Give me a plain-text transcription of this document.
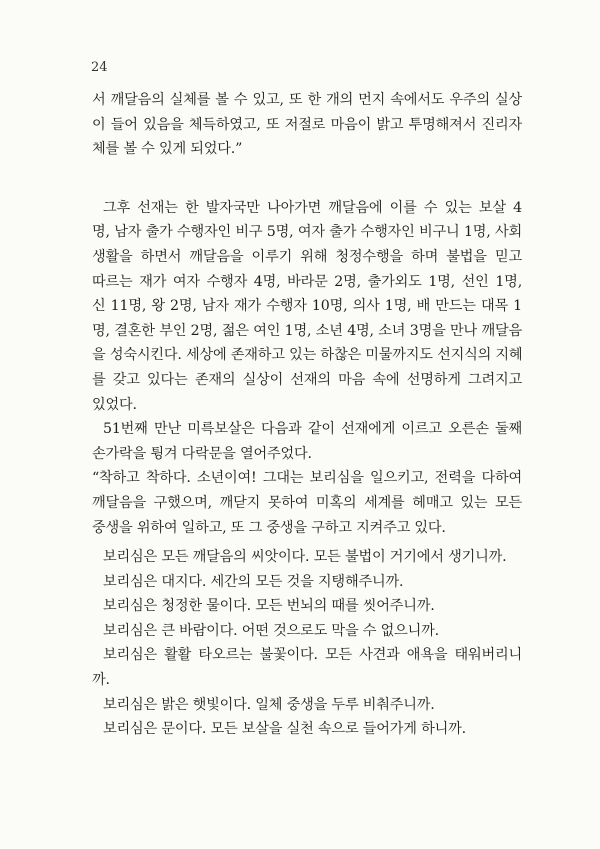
24
서 깨달음의 실체를 볼 수 있고, 또 한 개의 먼지 속에서도 우주의 실상
이 들어 있음을 체득하였고, 또 저절로 마음이 밝고 투명해져서 진리자
체를 볼 수 있게 되었다.”
그후 선재는 한 발자국만 나아가면 깨달음에 이를 수 있는 보살 4
명, 남자 출가 수행자인 비구 5명, 여자 출가 수행자인 비구니 1명, 사회
생활을 하면서 깨달음을 이루기 위해 청정수행을 하며 불법을 믿고
따르는 재가 여자 수행자 4명, 바라문 2명, 출가외도 1명, 선인 1명,
신 11명, 왕 2명, 남자 재가 수행자 10명, 의사 1명, 배 만드는 대목 1
명, 결혼한 부인 2명, 젊은 여인 1명, 소년 4명, 소녀 3명을 만나 깨달음
을 성숙시킨다. 세상에 존재하고 있는 하찮은 미물까지도 선지식의 지혜
를 갖고 있다는 존재의 실상이 선재의 마음 속에 선명하게 그려지고
있었다.
51번째 만난 미륵보살은 다음과 같이 선재에게 이르고 오른손 둘째
손가락을 튕겨 다락문을 열어주었다.
“착하고 착하다. 소년이여! 그대는 보리심을 일으키고, 전력을 다하여
깨달음을 구했으며, 깨닫지 못하여 미혹의 세계를 헤매고 있는 모든
중생을 위하여 일하고, 또 그 중생을 구하고 지켜주고 있다.
보리심은 모든 깨달음의 씨앗이다. 모든 불법이 거기에서 생기니까.
보리심은 대지다. 세간의 모든 것을 지탱해주니까.
보리심은 청정한 물이다. 모든 번뇌의 때를 씻어주니까.
보리심은 큰 바람이다. 어떤 것으로도 막을 수 없으니까.
보리심은 활활 타오르는 불꽃이다. 모든 사견과 애욕을 태워버리니
까.
보리심은 밝은 햇빛이다. 일체 중생을 두루 비춰주니까.
보리심은 문이다. 모든 보살을 실천 속으로 들어가게 하니까.
